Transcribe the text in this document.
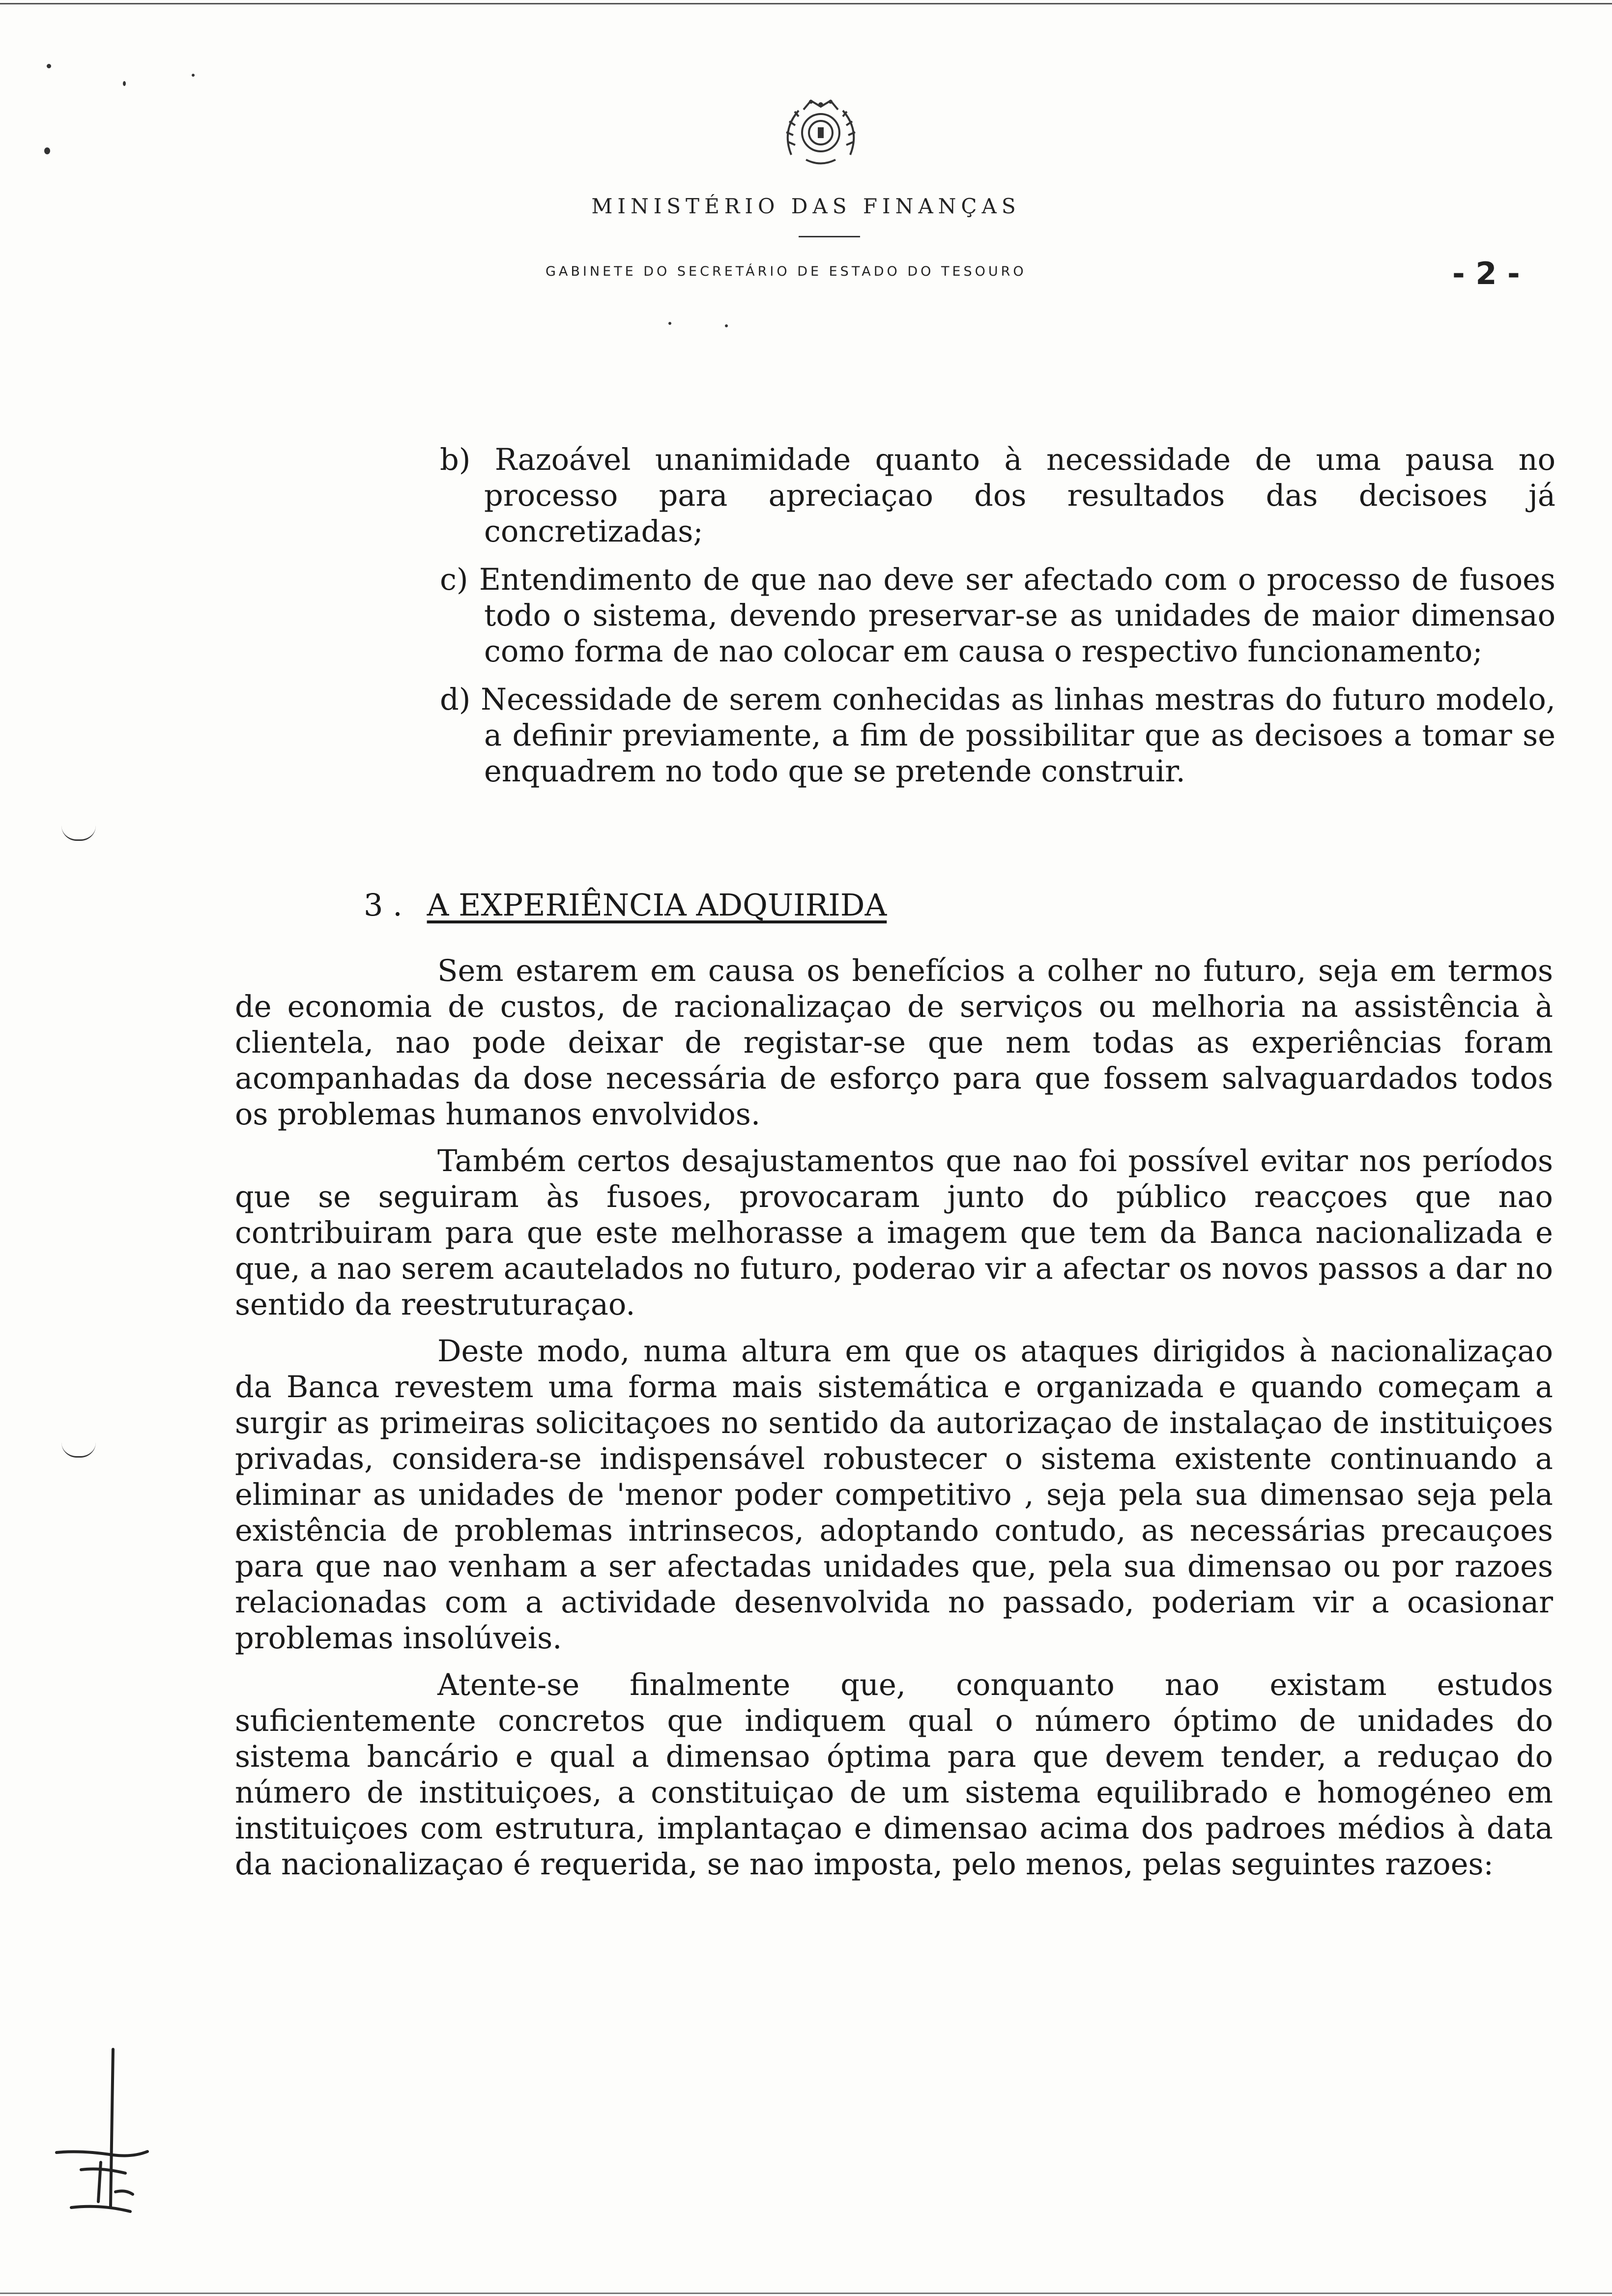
MINISTÉRIO DAS FINANÇAS
GABINETE DO SECRETÁRIO DE ESTADO DO TESOURO	- 2 -

b) Razoável unanimidade quanto à necessidade de uma pausa no processo para apreciaçao dos resultados das decisoes já concretizadas;

c) Entendimento de que nao deve ser afectado com o processo de fusoes todo o sistema, devendo preservar-se as unidades de maior dimensao como forma de nao colocar em causa o respectivo funcionamento;

d) Necessidade de serem conhecidas as linhas mestras do futuro modelo, a definir previamente, a fim de possibilitar que as decisoes a tomar se enquadrem no todo que se pretende construir.

3 . A EXPERIÊNCIA ADQUIRIDA

Sem estarem em causa os benefícios a colher no futuro, seja em termos de economia de custos, de racionalizaçao de serviços ou melhoria na assistência à clientela, nao pode deixar de registar-se que nem todas as experiências foram acompanhadas da dose necessária de esforço para que fossem salvaguardados todos os problemas humanos envolvidos.

Também certos desajustamentos que nao foi possível evitar nos períodos que se seguiram às fusoes, provocaram junto do público reacçoes que nao contribuiram para que este melhorasse a imagem que tem da Banca nacionalizada e que, a nao serem acautelados no futuro, poderao vir a afectar os novos passos a dar no sentido da reestruturaçao.

Deste modo, numa altura em que os ataques dirigidos à nacionalizaçao da Banca revestem uma forma mais sistemática e organizada e quando começam a surgir as primeiras solicitaçoes no sentido da autorizaçao de instalaçao de instituiçoes privadas, considera-se indispensável robustecer o sistema existente continuando a eliminar as unidades de 'menor poder competitivo , seja pela sua dimensao seja pela existência de problemas intrinsecos, adoptando contudo, as necessárias precauçoes para que nao venham a ser afectadas unidades que, pela sua dimensao ou por razoes relacionadas com a actividade desenvolvida no passado, poderiam vir a ocasionar problemas insolúveis.

Atente-se finalmente que, conquanto nao existam estudos suficientemente concretos que indiquem qual o número óptimo de unidades do sistema bancário e qual a dimensao óptima para que devem tender, a reduçao do número de instituiçoes, a constituiçao de um sistema equilibrado e homogéneo em instituiçoes com estrutura, implantaçao e dimensao acima dos padroes médios à data da nacionalizaçao é requerida, se nao imposta, pelo menos, pelas seguintes razoes:
